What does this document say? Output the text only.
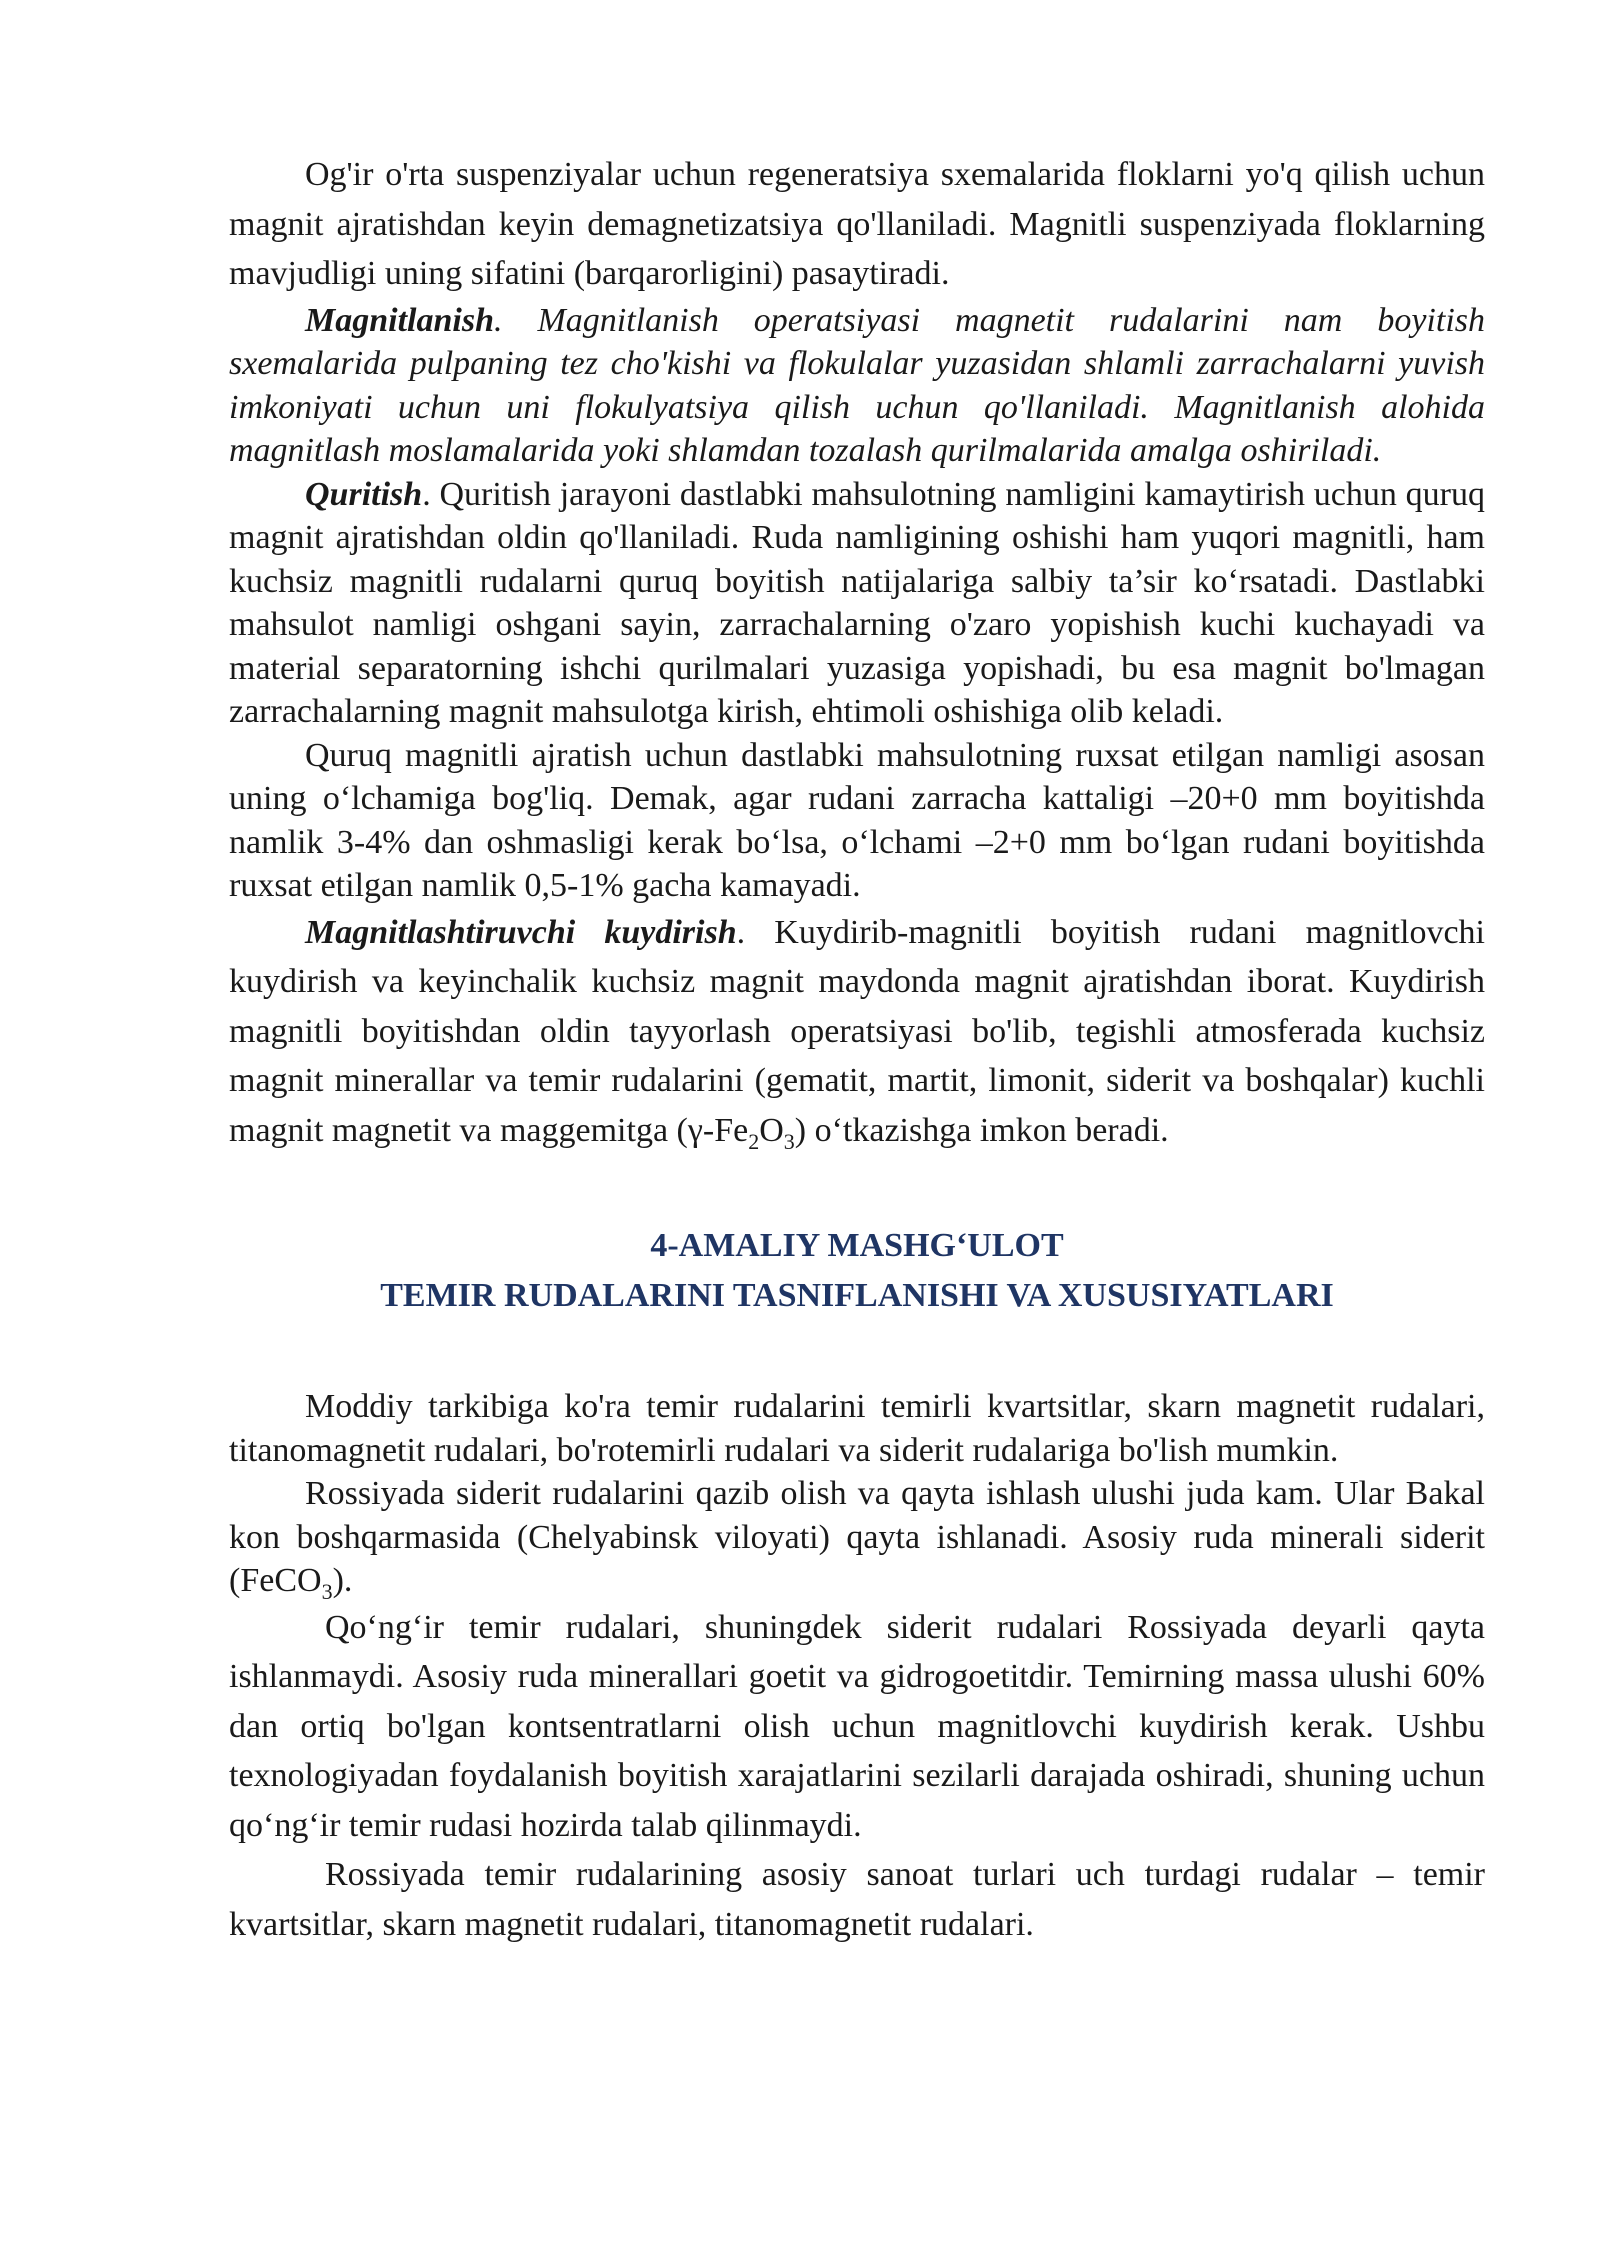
Og'ir o'rta suspenziyalar uchun regeneratsiya sxemalarida floklarni yo'q qilish uchun magnit ajratishdan keyin demagnetizatsiya qo'llaniladi. Magnitli suspenziyada floklarning mavjudligi uning sifatini (barqarorligini) pasaytiradi.

Magnitlanish. Magnitlanish operatsiyasi magnetit rudalarini nam boyitish sxemalarida pulpaning tez cho'kishi va flokulalar yuzasidan shlamli zarrachalarni yuvish imkoniyati uchun uni flokulyatsiya qilish uchun qo'llaniladi. Magnitlanish alohida magnitlash moslamalarida yoki shlamdan tozalash qurilmalarida amalga oshiriladi.

Quritish. Quritish jarayoni dastlabki mahsulotning namligini kamaytirish uchun quruq magnit ajratishdan oldin qo'llaniladi. Ruda namligining oshishi ham yuqori magnitli, ham kuchsiz magnitli rudalarni quruq boyitish natijalariga salbiy ta’sir ko‘rsatadi. Dastlabki mahsulot namligi oshgani sayin, zarrachalarning o'zaro yopishish kuchi kuchayadi va material separatorning ishchi qurilmalari yuzasiga yopishadi, bu esa magnit bo'lmagan zarrachalarning magnit mahsulotga kirish, ehtimoli oshishiga olib keladi.

Quruq magnitli ajratish uchun dastlabki mahsulotning ruxsat etilgan namligi asosan uning o‘lchamiga bog'liq. Demak, agar rudani zarracha kattaligi –20+0 mm boyitishda namlik 3-4% dan oshmasligi kerak bo‘lsa, o‘lchami –2+0 mm bo‘lgan rudani boyitishda ruxsat etilgan namlik 0,5-1% gacha kamayadi.

Magnitlashtiruvchi kuydirish. Kuydirib-magnitli boyitish rudani magnitlovchi kuydirish va keyinchalik kuchsiz magnit maydonda magnit ajratishdan iborat. Kuydirish magnitli boyitishdan oldin tayyorlash operatsiyasi bo'lib, tegishli atmosferada kuchsiz magnit minerallar va temir rudalarini (gematit, martit, limonit, siderit va boshqalar) kuchli magnit magnetit va maggemitga $(\gamma-Fe_2O_3)$ o‘tkazishga imkon beradi.

4-AMALIY MASHG‘ULOT
TEMIR RUDALARINI TASNIFLANISHI VA XUSUSIYATLARI

Moddiy tarkibiga ko'ra temir rudalarini temirli kvartsitlar, skarn magnetit rudalari, titanomagnetit rudalari, bo'rotemirli rudalari va siderit rudalariga bo'lish mumkin.

Rossiyada siderit rudalarini qazib olish va qayta ishlash ulushi juda kam. Ular Bakal kon boshqarmasida (Chelyabinsk viloyati) qayta ishlanadi. Asosiy ruda minerali siderit (FeCO$_3$).

Qo‘ng‘ir temir rudalari, shuningdek siderit rudalari Rossiyada deyarli qayta ishlanmaydi. Asosiy ruda minerallari goetit va gidrogoetitdir. Temirning massa ulushi 60% dan ortiq bo'lgan kontsentratlarni olish uchun magnitlovchi kuydirish kerak. Ushbu texnologiyadan foydalanish boyitish xarajatlarini sezilarli darajada oshiradi, shuning uchun qo‘ng‘ir temir rudasi hozirda talab qilinmaydi.

Rossiyada temir rudalarining asosiy sanoat turlari uch turdagi rudalar – temir kvartsitlar, skarn magnetit rudalari, titanomagnetit rudalari.
